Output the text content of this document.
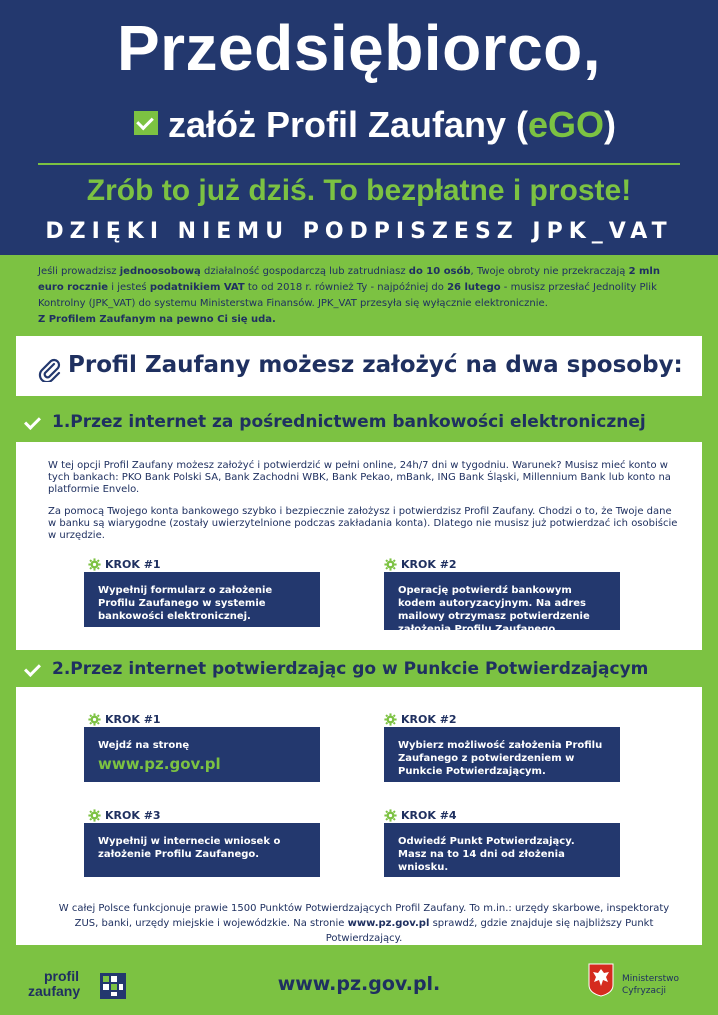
Przedsiębiorco,
załóż Profil Zaufany (eGO)
Zrób to już dziś. To bezpłatne i proste!
DZIĘKI NIEMU PODPISZESZ JPK_VAT
Jeśli prowadzisz jednoosobową działalność gospodarczą lub zatrudniasz do 10 osób, Twoje obroty nie przekraczają 2 mln euro rocznie i jesteś podatnikiem VAT to od 2018 r. również Ty - najpóźniej do 26 lutego - musisz przesłać Jednolity Plik Kontrolny (JPK_VAT) do systemu Ministerstwa Finansów. JPK_VAT przesyła się wyłącznie elektronicznie.
Z Profilem Zaufanym na pewno Ci się uda.
Profil Zaufany możesz założyć na dwa sposoby:
1.Przez internet za pośrednictwem bankowości elektronicznej
W tej opcji Profil Zaufany możesz założyć i potwierdzić w pełni online, 24h/7 dni w tygodniu. Warunek? Musisz mieć konto w tych bankach: PKO Bank Polski SA, Bank Zachodni WBK, Bank Pekao, mBank, ING Bank Śląski, Millennium Bank lub konto na platformie Envelo.
Za pomocą Twojego konta bankowego szybko i bezpiecznie założysz i potwierdzisz Profil Zaufany. Chodzi o to, że Twoje dane w banku są wiarygodne (zostały uwierzytelnione podczas zakładania konta). Dlatego nie musisz już potwierdzać ich osobiście w urzędzie.
KROK #1
Wypełnij formularz o założenie Profilu Zaufanego w systemie bankowości elektronicznej.
KROK #2
Operację potwierdź bankowym kodem autoryzacyjnym. Na adres mailowy otrzymasz potwierdzenie założenia Profilu Zaufanego.
2.Przez internet potwierdzając go w Punkcie Potwierdzającym
KROK #1
Wejdź na stronę
www.pz.gov.pl
KROK #2
Wybierz możliwość założenia Profilu Zaufanego z potwierdzeniem w Punkcie Potwierdzającym.
KROK #3
Wypełnij w internecie wniosek o założenie Profilu Zaufanego.
KROK #4
Odwiedź Punkt Potwierdzający. Masz na to 14 dni od złożenia wniosku.
W całej Polsce funkcjonuje prawie 1500 Punktów Potwierdzających Profil Zaufany. To m.in.: urzędy skarbowe, inspektoraty ZUS, banki, urzędy miejskie i wojewódzkie. Na stronie www.pz.gov.pl sprawdź, gdzie znajduje się najbliższy Punkt Potwierdzający.
profil
zaufany	www.pz.gov.pl.	Ministerstwo
Cyfryzacji
